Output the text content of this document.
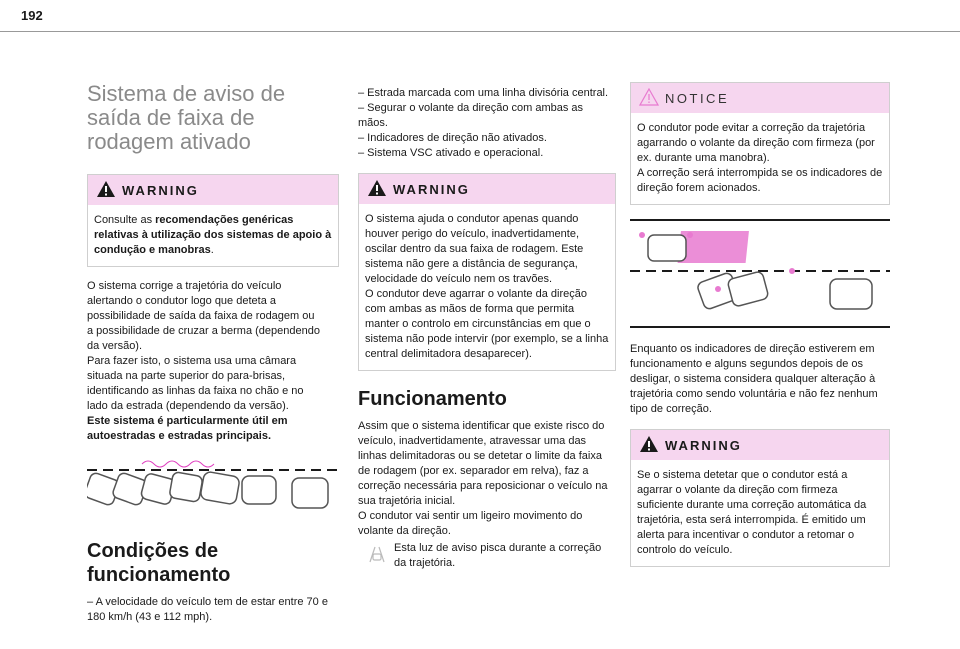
192
Sistema de aviso de
saída de faixa de
rodagem ativado
WARNING

Consulte as recomendações genéricas relativas à utilização dos sistemas de apoio à condução e manobras.

O sistema corrige a trajetória do veículo
alertando o condutor logo que deteta a
possibilidade de saída da faixa de rodagem ou
a possibilidade de cruzar a berma (dependendo
da versão).
Para fazer isto, o sistema usa uma câmara
situada na parte superior do para-brisas,
identificando as linhas da faixa no chão e no
lado da estrada (dependendo da versão).

Este sistema é particularmente útil em autoestradas e estradas principais.

Condições de funcionamento

– A velocidade do veículo tem de estar entre 70 e 180 km/h (43 e 112 mph).

– Estrada marcada com uma linha divisória central.
– Segurar o volante da direção com ambas as mãos.
– Indicadores de direção não ativados.
– Sistema VSC ativado e operacional.
WARNING

O sistema ajuda o condutor apenas quando houver perigo do veículo, inadvertidamente, oscilar dentro da sua faixa de rodagem. Este sistema não gere a distância de segurança, velocidade do veículo nem os travões.

O condutor deve agarrar o volante da direção com ambas as mãos de forma que permita manter o controlo em circunstâncias em que o sistema não pode intervir (por exemplo, se a linha central delimitadora desaparecer).

Funcionamento

Assim que o sistema identificar que existe risco do veículo, inadvertidamente, atravessar uma das linhas delimitadoras ou se detetar o limite da faixa de rodagem (por ex. separador em relva), faz a correção necessária para reposicionar o veículo na sua trajetória inicial.

O condutor vai sentir um ligeiro movimento do volante da direção.

Esta luz de aviso pisca durante a correção da trajetória.

NOTICE

O condutor pode evitar a correção da trajetória agarrando o volante da direção com firmeza (por ex. durante uma manobra).

A correção será interrompida se os indicadores de direção forem acionados.

Enquanto os indicadores de direção estiverem em funcionamento e alguns segundos depois de os desligar, o sistema considera qualquer alteração à trajetória como sendo voluntária e não fez nenhum tipo de correção.

WARNING

Se o sistema detetar que o condutor está a agarrar o volante da direção com firmeza suficiente durante uma correção automática da trajetória, esta será interrompida. É emitido um alerta para incentivar o condutor a retomar o controlo do veículo.
